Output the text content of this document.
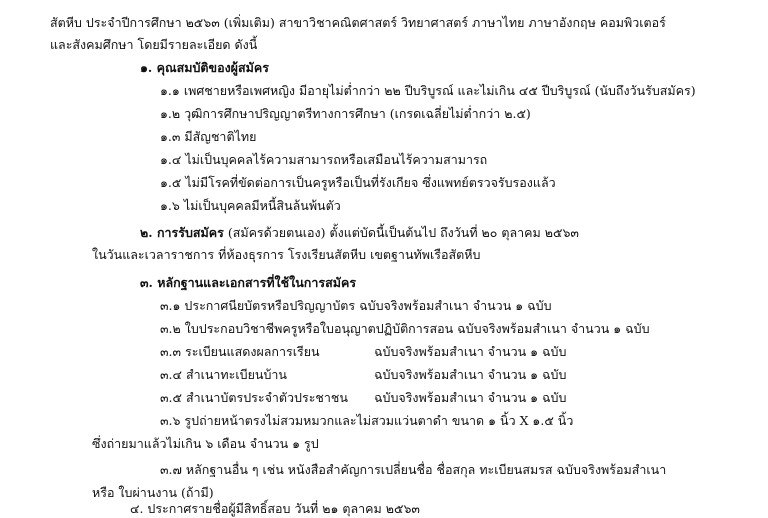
สัตหีบ ประจำปีการศึกษา ๒๕๖๓ (เพิ่มเติม) สาขาวิชาคณิตศาสตร์ วิทยาศาสตร์ ภาษาไทย ภาษาอังกฤษ คอมพิวเตอร์
และสังคมศึกษา โดยมีรายละเอียด ดังนี้
๑. คุณสมบัติของผู้สมัคร
๑.๑ เพศชายหรือเพศหญิง มีอายุไม่ต่ำกว่า ๒๒ ปีบริบูรณ์ และไม่เกิน ๔๕ ปีบริบูรณ์ (นับถึงวันรับสมัคร)
๑.๒ วุฒิการศึกษาปริญญาตรีทางการศึกษา (เกรดเฉลี่ยไม่ต่ำกว่า ๒.๕)
๑.๓ มีสัญชาติไทย
๑.๔ ไม่เป็นบุคคลไร้ความสามารถหรือเสมือนไร้ความสามารถ
๑.๕ ไม่มีโรคที่ขัดต่อการเป็นครูหรือเป็นที่รังเกียจ ซึ่งแพทย์ตรวจรับรองแล้ว
๑.๖ ไม่เป็นบุคคลมีหนี้สินล้นพ้นตัว
๒. การรับสมัคร (สมัครด้วยตนเอง) ตั้งแต่บัดนี้เป็นต้นไป ถึงวันที่ ๒๐ ตุลาคม ๒๕๖๓
ในวันและเวลาราชการ ที่ห้องธุรการ โรงเรียนสัตหีบ เขตฐานทัพเรือสัตหีบ
๓. หลักฐานและเอกสารที่ใช้ในการสมัคร
๓.๑ ประกาศนียบัตรหรือปริญญาบัตร ฉบับจริงพร้อมสำเนา จำนวน ๑ ฉบับ
๓.๒ ใบประกอบวิชาชีพครูหรือใบอนุญาตปฏิบัติการสอน ฉบับจริงพร้อมสำเนา จำนวน ๑ ฉบับ
๓.๓ ระเบียนแสดงผลการเรียน	ฉบับจริงพร้อมสำเนา จำนวน ๑ ฉบับ
๓.๔ สำเนาทะเบียนบ้าน	ฉบับจริงพร้อมสำเนา จำนวน ๑ ฉบับ
๓.๕ สำเนาบัตรประจำตัวประชาชน ฉบับจริงพร้อมสำเนา จำนวน ๑ ฉบับ
๓.๖ รูปถ่ายหน้าตรงไม่สวมหมวกและไม่สวมแว่นตาดำ ขนาด ๑ นิ้ว X ๑.๕ นิ้ว
ซึ่งถ่ายมาแล้วไม่เกิน ๖ เดือน จำนวน ๑ รูป
๓.๗ หลักฐานอื่น ๆ เช่น หนังสือสำคัญการเปลี่ยนชื่อ ชื่อสกุล ทะเบียนสมรส ฉบับจริงพร้อมสำเนา
หรือ ใบผ่านงาน (ถ้ามี)
๔. ประกาศรายชื่อผู้มีสิทธิ์สอบ วันที่ ๒๑ ตุลาคม ๒๕๖๓
